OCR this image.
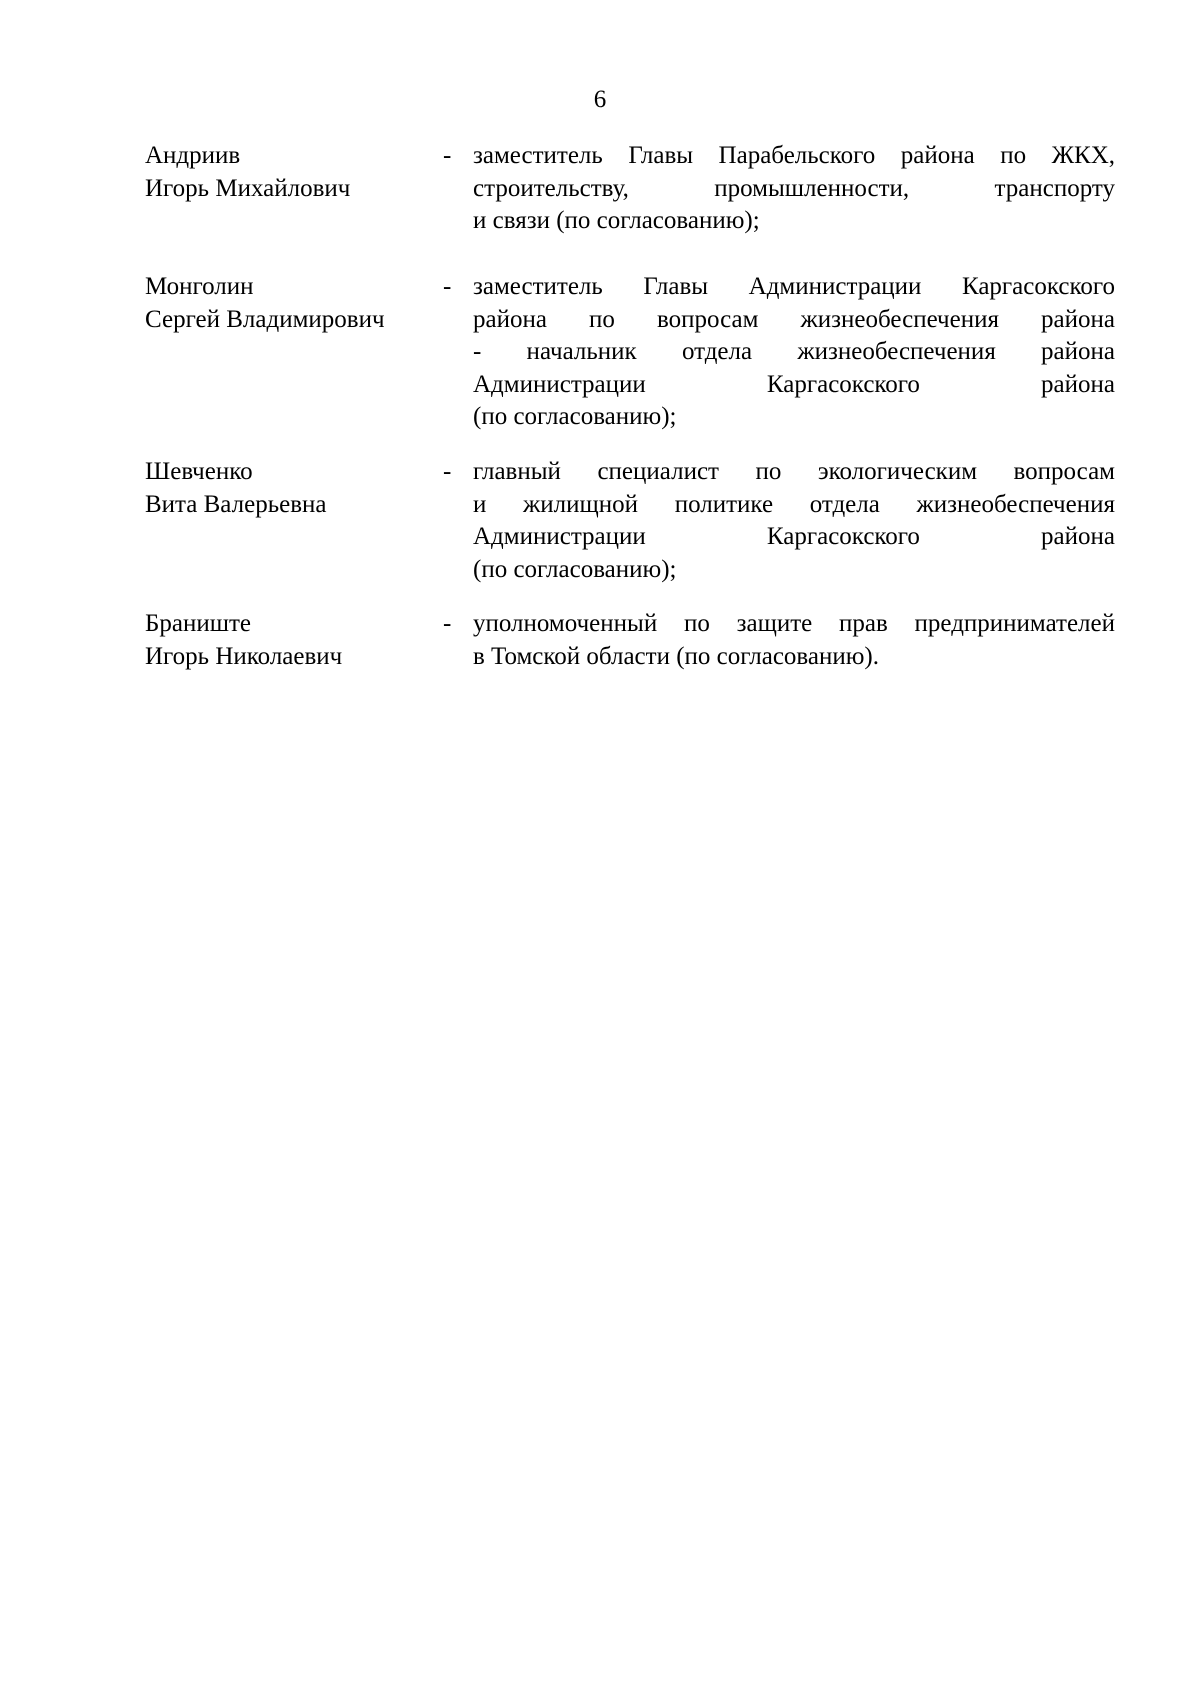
6
Андриив
Игорь Михайлович
- заместитель Главы Парабельского района по ЖКХ,
строительству, промышленности, транспорту
и связи (по согласованию);
Монголин
Сергей Владимирович
- заместитель Главы Администрации Каргасокского
района по вопросам жизнеобеспечения района
- начальник отдела жизнеобеспечения района
Администрации Каргасокского района
(по согласованию);
Шевченко
Вита Валерьевна
- главный специалист по экологическим вопросам
и жилищной политике отдела жизнеобеспечения
Администрации Каргасокского района
(по согласованию);
Браниште
Игорь Николаевич
- уполномоченный по защите прав предпринимателей
в Томской области (по согласованию).
